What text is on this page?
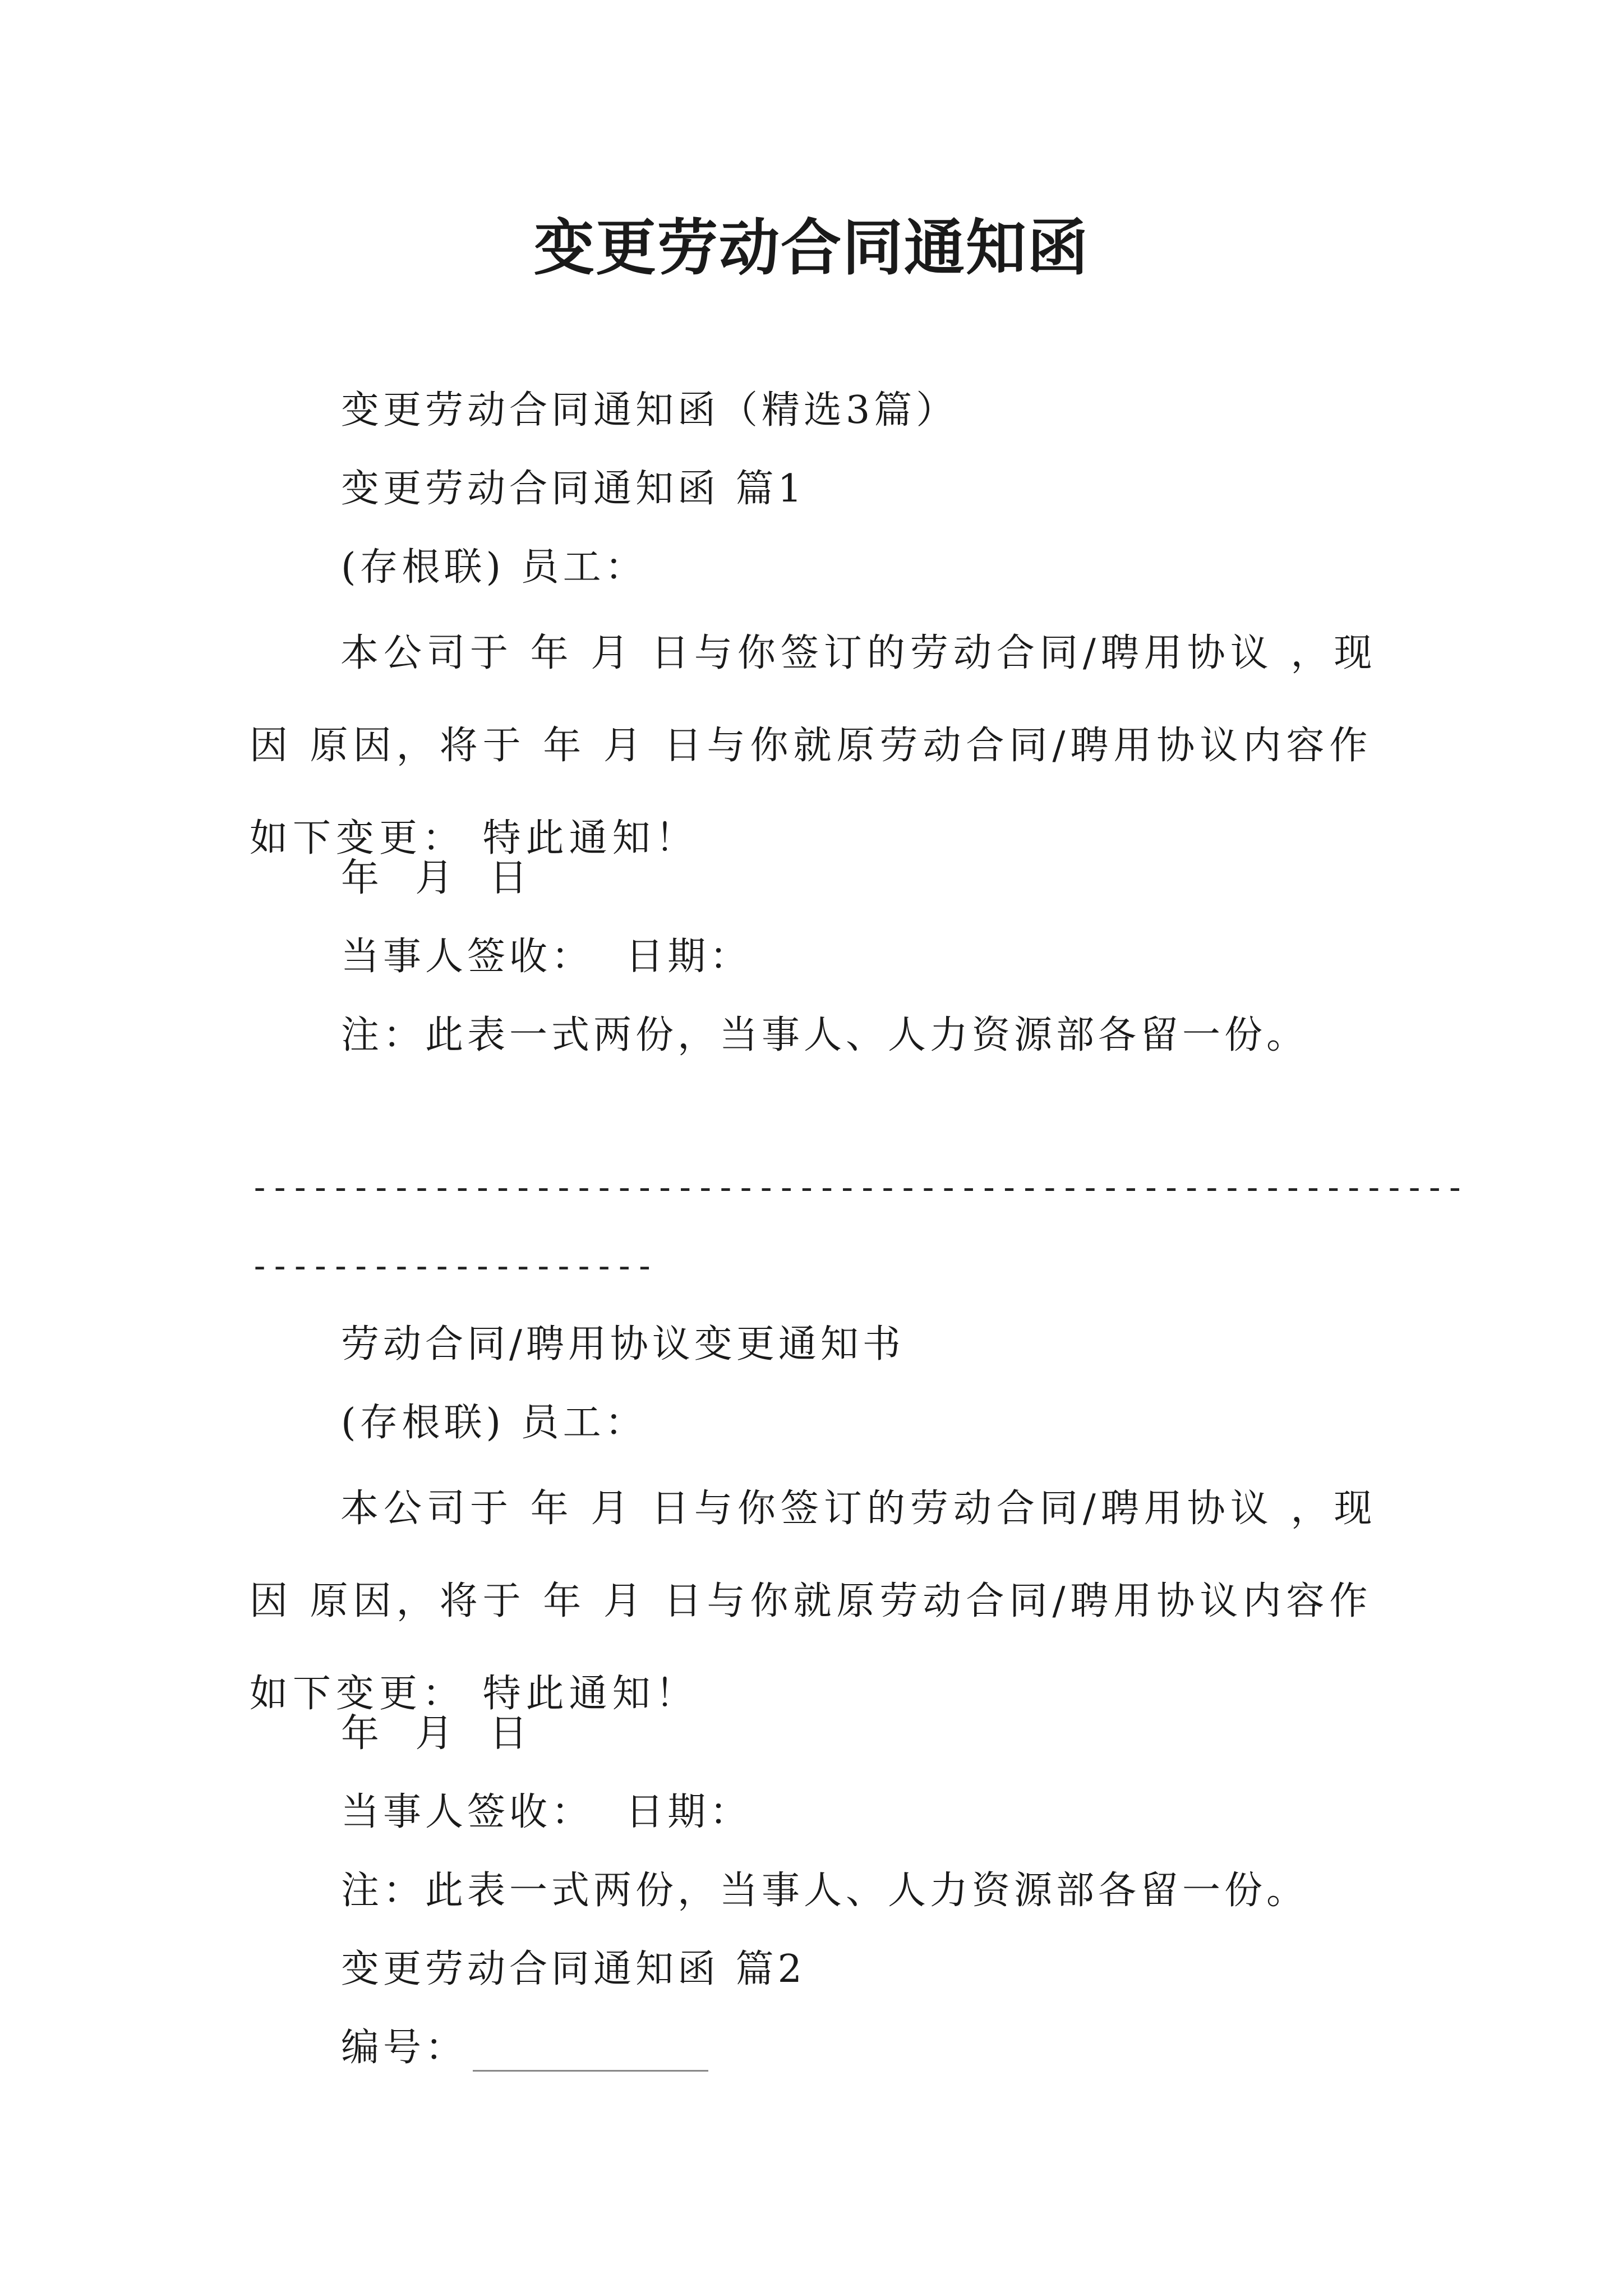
变更劳动合同通知函
变更劳动合同通知函（精选3篇）
变更劳动合同通知函 篇1
(存根联) 员工：

本公司于 年 月 日与你签订的劳动合同/聘用协议 ，现因 原因，将于 年 月 日与你就原劳动合同/聘用协议内容作如下变更： 特此通知！

年  月  日
当事人签收：  日期：
注：此表一式两份，当事人、人力资源部各留一份。
------------------------------------------------------------
--------------------
劳动合同/聘用协议变更通知书
(存根联) 员工：

本公司于 年 月 日与你签订的劳动合同/聘用协议 ，现因 原因，将于 年 月 日与你就原劳动合同/聘用协议内容作如下变更： 特此通知！

年  月  日
当事人签收：  日期：
注：此表一式两份，当事人、人力资源部各留一份。
变更劳动合同通知函 篇2
编号：
